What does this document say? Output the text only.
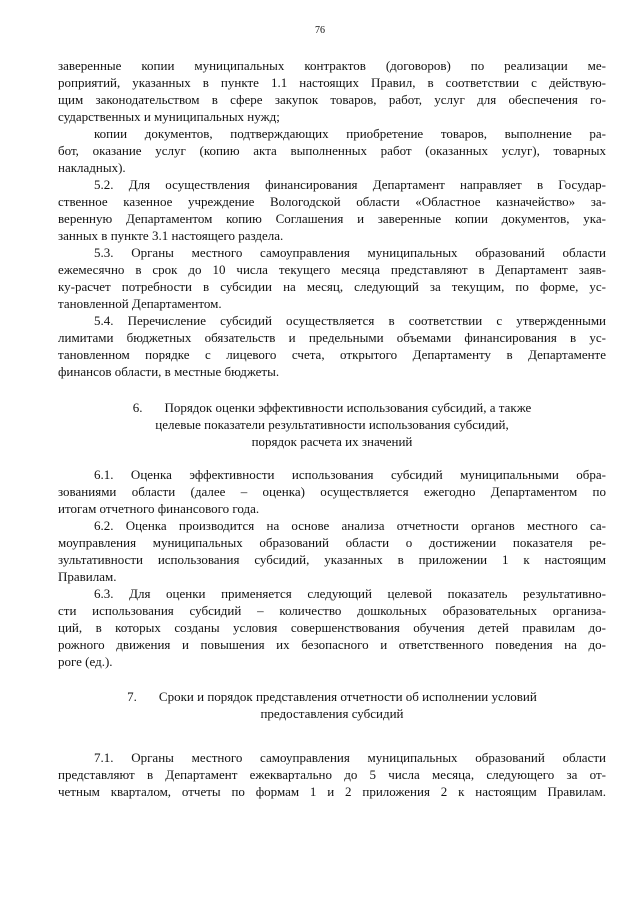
76
заверенные копии муниципальных контрактов (договоров) по реализации ме-
роприятий, указанных в пункте 1.1 настоящих Правил, в соответствии с действую-
щим законодательством в сфере закупок товаров, работ, услуг для обеспечения го-
сударственных и муниципальных нужд;
копии документов, подтверждающих приобретение товаров, выполнение ра-
бот, оказание услуг (копию акта выполненных работ (оказанных услуг), товарных
накладных).
5.2. Для осуществления финансирования Департамент направляет в Государ-
ственное казенное учреждение Вологодской области «Областное казначейство» за-
веренную Департаментом копию Соглашения и заверенные копии документов, ука-
занных в пункте 3.1 настоящего раздела.
5.3. Органы местного самоуправления муниципальных образований области
ежемесячно в срок до 10 числа текущего месяца представляют в Департамент заяв-
ку-расчет потребности в субсидии на месяц, следующий за текущим, по форме, ус-
тановленной Департаментом.
5.4. Перечисление субсидий осуществляется в соответствии с утвержденными
лимитами бюджетных обязательств и предельными объемами финансирования в ус-
тановленном порядке с лицевого счета, открытого Департаменту в Департаменте
финансов области, в местные бюджеты.
6. Порядок оценки эффективности использования субсидий, а также
целевые показатели результативности использования субсидий,
порядок расчета их значений
6.1. Оценка эффективности использования субсидий муниципальными обра-
зованиями области (далее – оценка) осуществляется ежегодно Департаментом по
итогам отчетного финансового года.
6.2. Оценка производится на основе анализа отчетности органов местного са-
моуправления муниципальных образований области о достижении показателя ре-
зультативности использования субсидий, указанных в приложении 1 к настоящим
Правилам.
6.3. Для оценки применяется следующий целевой показатель результативно-
сти использования субсидий – количество дошкольных образовательных организа-
ций, в которых созданы условия совершенствования обучения детей правилам до-
рожного движения и повышения их безопасного и ответственного поведения на до-
роге (ед.).
7. Сроки и порядок представления отчетности об исполнении условий
предоставления субсидий
7.1. Органы местного самоуправления муниципальных образований области
представляют в Департамент ежеквартально до 5 числа месяца, следующего за от-
четным кварталом, отчеты по формам 1 и 2 приложения 2 к настоящим Правилам.
